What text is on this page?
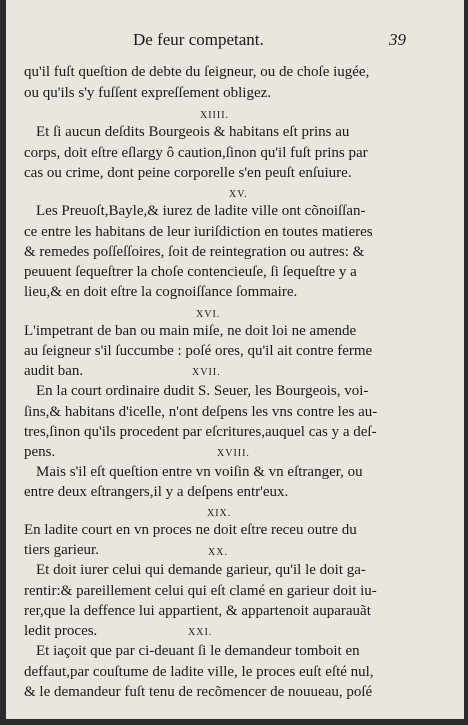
De feur competant.	39
qu'il fuſt queſtion de debte du ſeigneur, ou de choſe iugée,
ou qu'ils s'y fuſſent expreſſement obligez.
XIIII.
Et ſi aucun deſdits Bourgeois & habitans eſt prins au
corps, doit eſtre eſlargy ô caution,ſinon qu'il fuſt prins par
cas ou crime, dont peine corporelle s'en peuſt enſuiure.
XV.
Les Preuoſt,Bayle,& iurez de ladite ville ont cõnoiſſan-
ce entre les habitans de leur iuriſdiction en toutes matieres
& remedes poſſeſſoires, ſoit de reintegration ou autres: &
peuuent ſequeſtrer la choſe contencieuſe, ſi ſequeſtre y a
lieu,& en doit eſtre la cognoiſſance ſommaire.
XVI.
L'impetrant de ban ou main miſe, ne doit loi ne amende
au ſeigneur s'il ſuccumbe : poſé ores, qu'il ait contre ferme
audit ban.	XVII.
En la court ordinaire dudit S. Seuer, les Bourgeois, voi-
ſins,& habitans d'icelle, n'ont deſpens les vns contre les au-
tres,ſinon qu'ils procedent par eſcritures,auquel cas y a deſ-
pens.	XVIII.
Mais s'il eſt queſtion entre vn voiſin & vn eſtranger, ou
entre deux eſtrangers,il y a deſpens entr'eux.
XIX.
En ladite court en vn proces ne doit eſtre receu outre du
tiers garieur.	XX.
Et doit iurer celui qui demande garieur, qu'il le doit ga-
rentir:& pareillement celui qui eſt clamé en garieur doit iu-
rer,que la deffence lui appartient, & appartenoit auparauãt
ledit proces.	XXI.
Et iaçoit que par ci-deuant ſi le demandeur tomboit en
deffaut,par couſtume de ladite ville, le proces euſt eſté nul,
& le demandeur fuſt tenu de recõmencer de nouueau, poſé
